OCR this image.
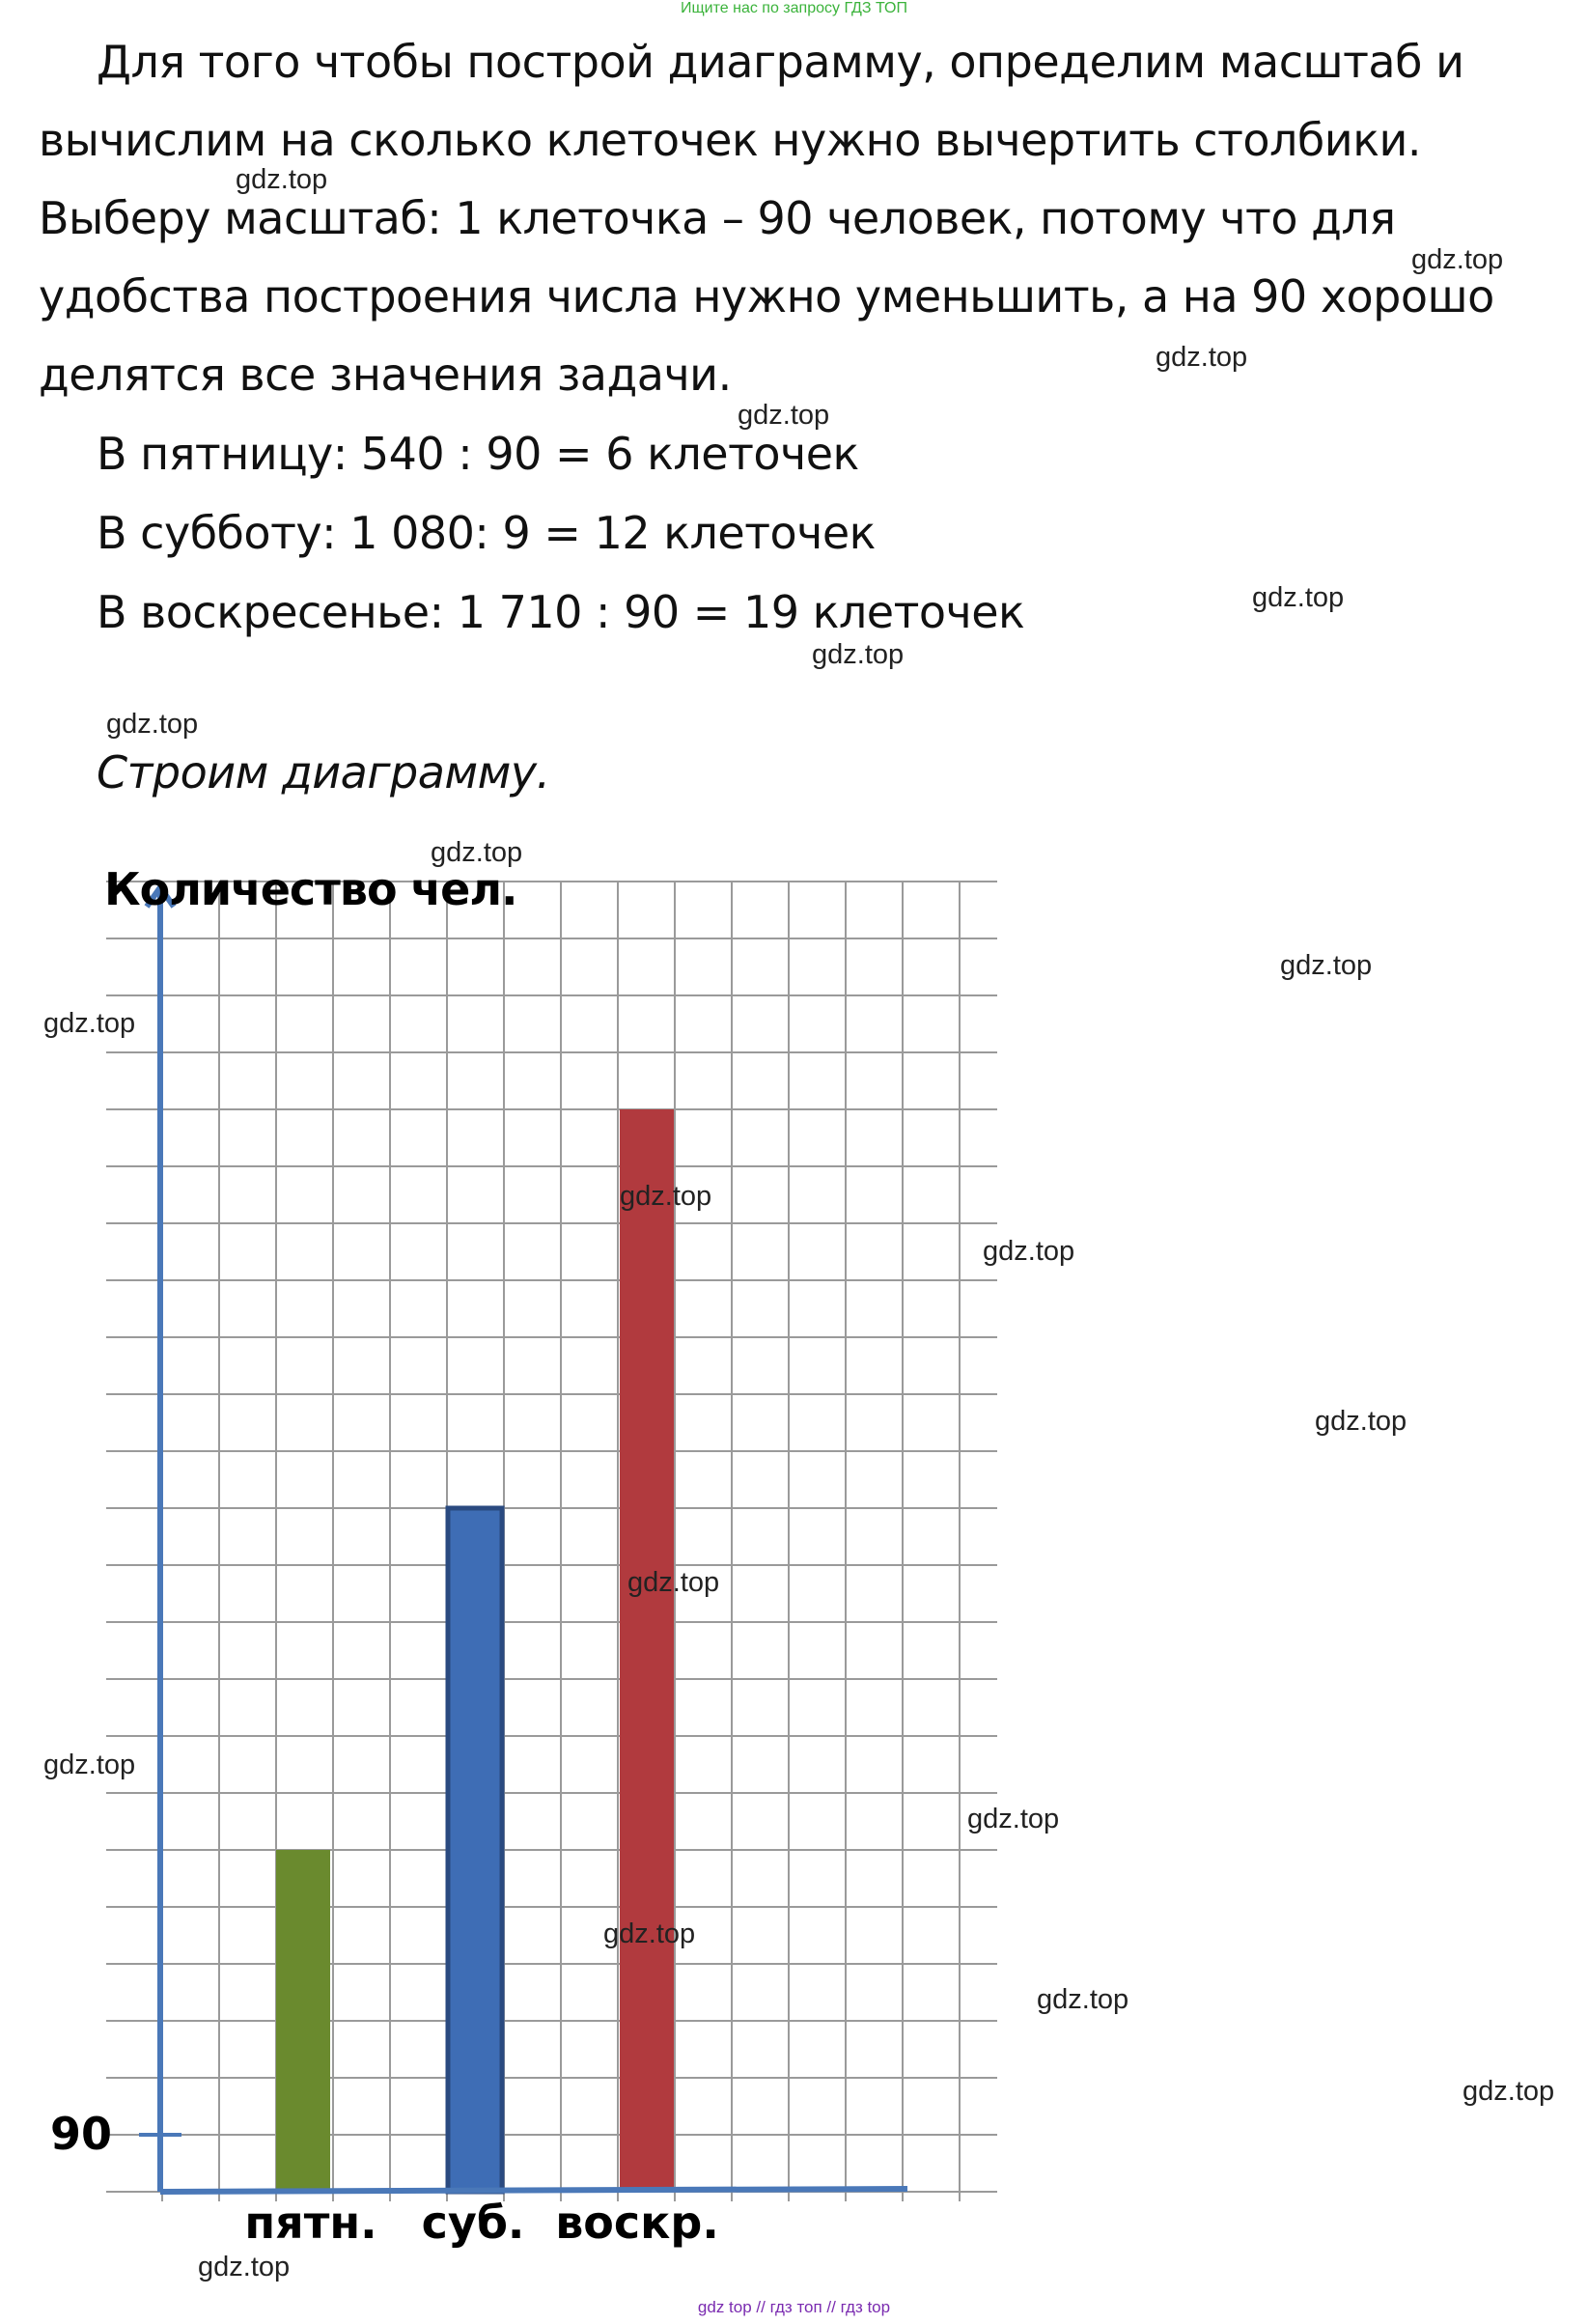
Ищите нас по запросу ГДЗ ТОП
Для того чтобы построй диаграмму, определим масштаб и
вычислим на сколько клеточек нужно вычертить столбики.
Выберу масштаб: 1 клеточка – 90 человек, потому что для
удобства построения числа нужно уменьшить, а на 90 хорошо
делятся все значения задачи.
В пятницу: 540 : 90 = 6 клеточек
В субботу: 1 080: 9 = 12 клеточек
В воскресенье: 1 710 : 90 = 19 клеточек
Строим диаграмму.
gdz.top
gdz.top
gdz.top
gdz.top
gdz.top
gdz.top
gdz.top
gdz.top
gdz.top
gdz.top
gdz.top
gdz.top
gdz.top
gdz.top
gdz.top
gdz.top
gdz.top
Количество чел.
90
пятн. суб. воскр.
gdz.top
gdz.top
gdz.top
gdz top // гдз топ // гдз top
